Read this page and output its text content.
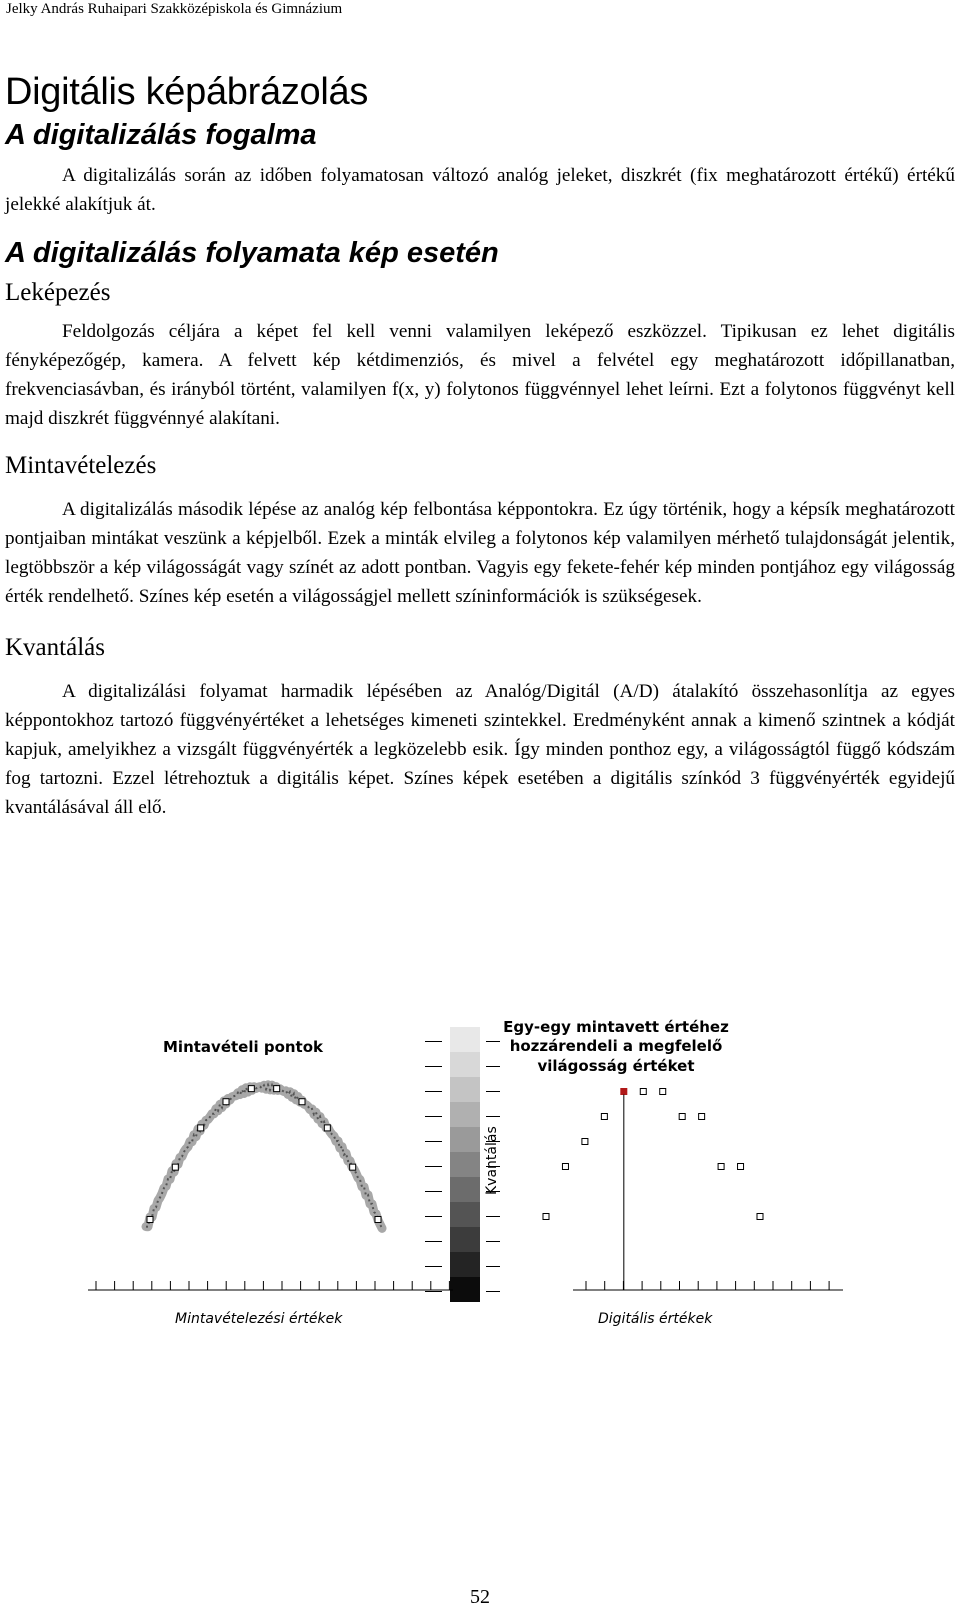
Jelky András Ruhaipari Szakközépiskola és Gimnázium
Digitális képábrázolás
A digitalizálás fogalma

A digitalizálás során az időben folyamatosan változó analóg jeleket, diszkrét (fix meghatározott értékű) értékű jelekké alakítjuk át.

A digitalizálás folyamata kép esetén
Leképezés

Feldolgozás céljára a képet fel kell venni valamilyen leképező eszközzel. Tipikusan ez lehet digitális fényképezőgép, kamera. A felvett kép kétdimenziós, és mivel a felvétel egy meghatározott időpillanatban, frekvenciasávban, és irányból történt, valamilyen f(x, y) folytonos függvénnyel lehet leírni. Ezt a folytonos függvényt kell majd diszkrét függvénnyé alakítani.

Mintavételezés

A digitalizálás második lépése az analóg kép felbontása képpontokra. Ez úgy történik, hogy a képsík meghatározott pontjaiban mintákat veszünk a képjelből. Ezek a minták elvileg a folytonos kép valamilyen mérhető tulajdonságát jelentik, legtöbbször a kép világosságát vagy színét az adott pontban. Vagyis egy fekete-fehér kép minden pontjához egy világosság érték rendelhető. Színes kép esetén a világosságjel mellett színinformációk is szükségesek.

Kvantálás

A digitalizálási folyamat harmadik lépésében az Analóg/Digitál (A/D) átalakító összehasonlítja az egyes képpontokhoz tartozó függvényértéket a lehetséges kimeneti szintekkel. Eredményként annak a kimenő szintnek a kódját kapjuk, amelyikhez a vizsgált függvényérték a legközelebb esik. Így minden ponthoz egy, a világosságtól függő kódszám fog tartozni. Ezzel létrehoztuk a digitális képet. Színes képek esetében a digitális színkód 3 függvényérték egyidejű kvantálásával áll elő.

Mintavételi pontok
Egy-egy mintavett értéhez
hozzárendeli a megfelelő
világosság értéket
Kvantálás
Mintavételezési értékek	Digitális értékek
52
